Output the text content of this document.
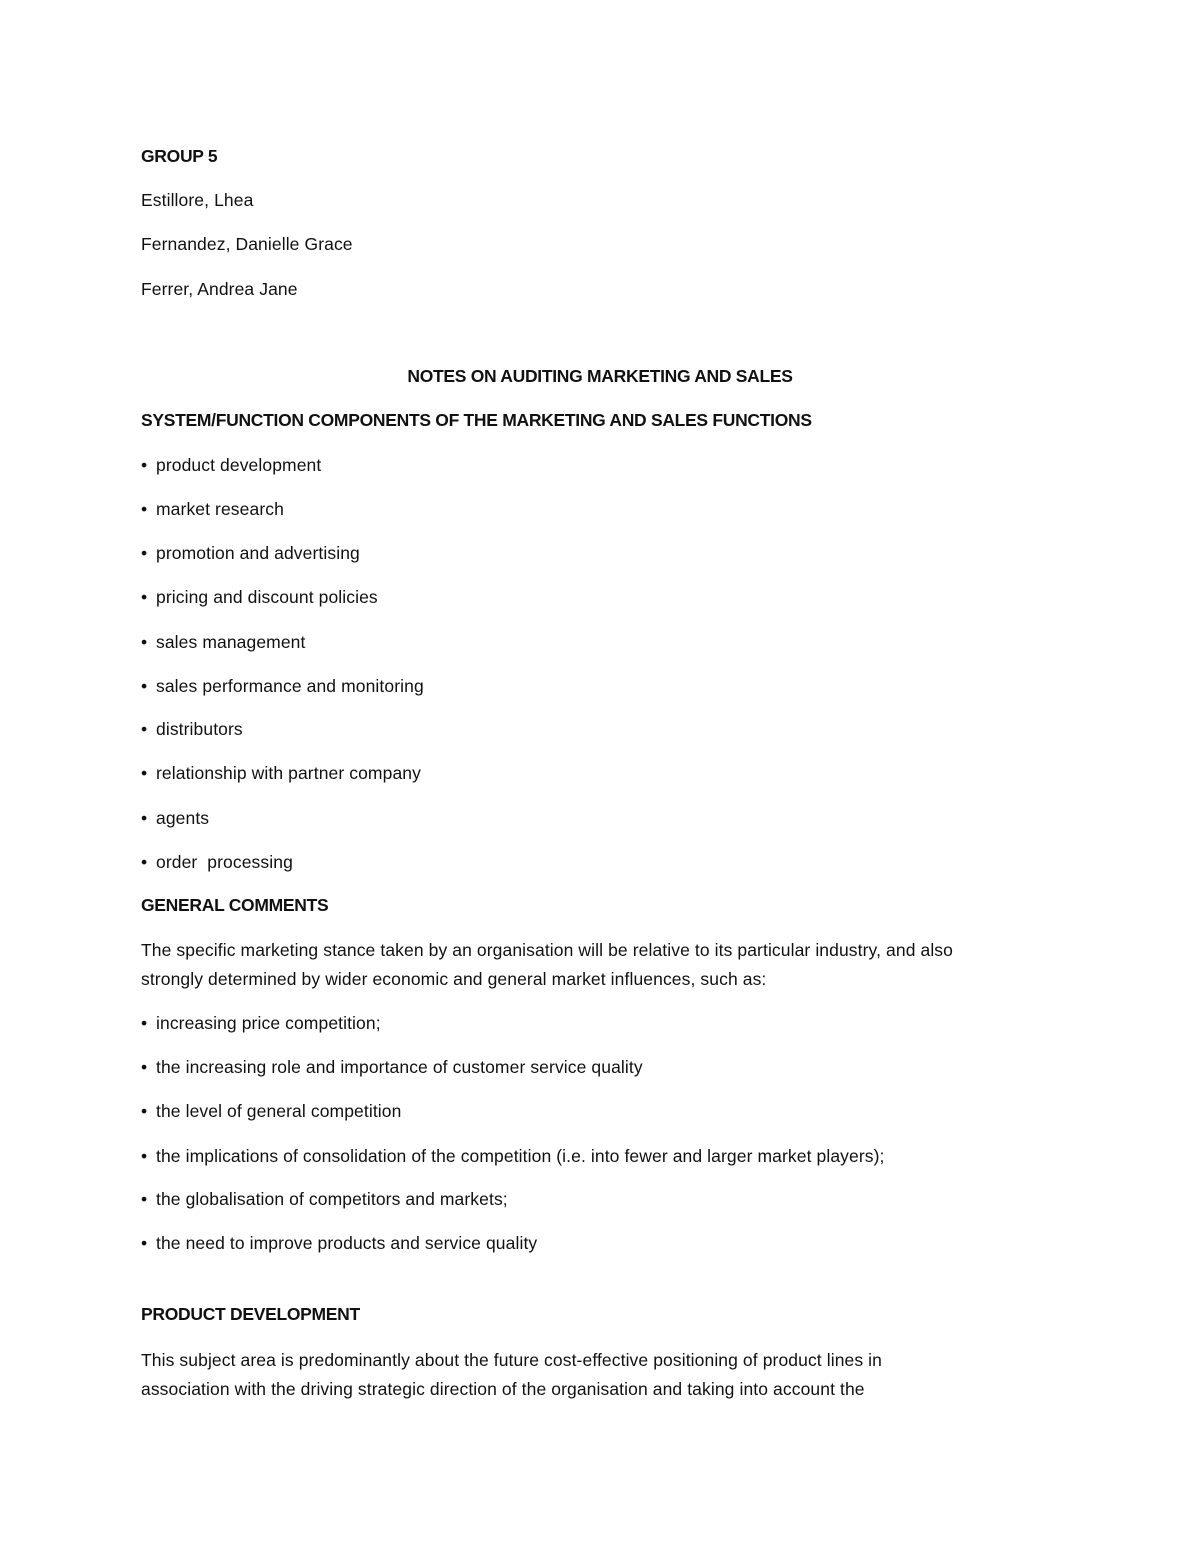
GROUP 5
Estillore, Lhea
Fernandez, Danielle Grace
Ferrer, Andrea Jane
NOTES ON AUDITING MARKETING AND SALES
SYSTEM/FUNCTION COMPONENTS OF THE MARKETING AND SALES FUNCTIONS
• product development
• market research
• promotion and advertising
• pricing and discount policies
• sales management
• sales performance and monitoring
• distributors
• relationship with partner company
• agents
• order  processing
GENERAL COMMENTS
The specific marketing stance taken by an organisation will be relative to its particular industry, and also
strongly determined by wider economic and general market influences, such as:
• increasing price competition;
• the increasing role and importance of customer service quality
• the level of general competition
• the implications of consolidation of the competition (i.e. into fewer and larger market players);
• the globalisation of competitors and markets;
• the need to improve products and service quality
PRODUCT DEVELOPMENT
This subject area is predominantly about the future cost-effective positioning of product lines in
association with the driving strategic direction of the organisation and taking into account the
